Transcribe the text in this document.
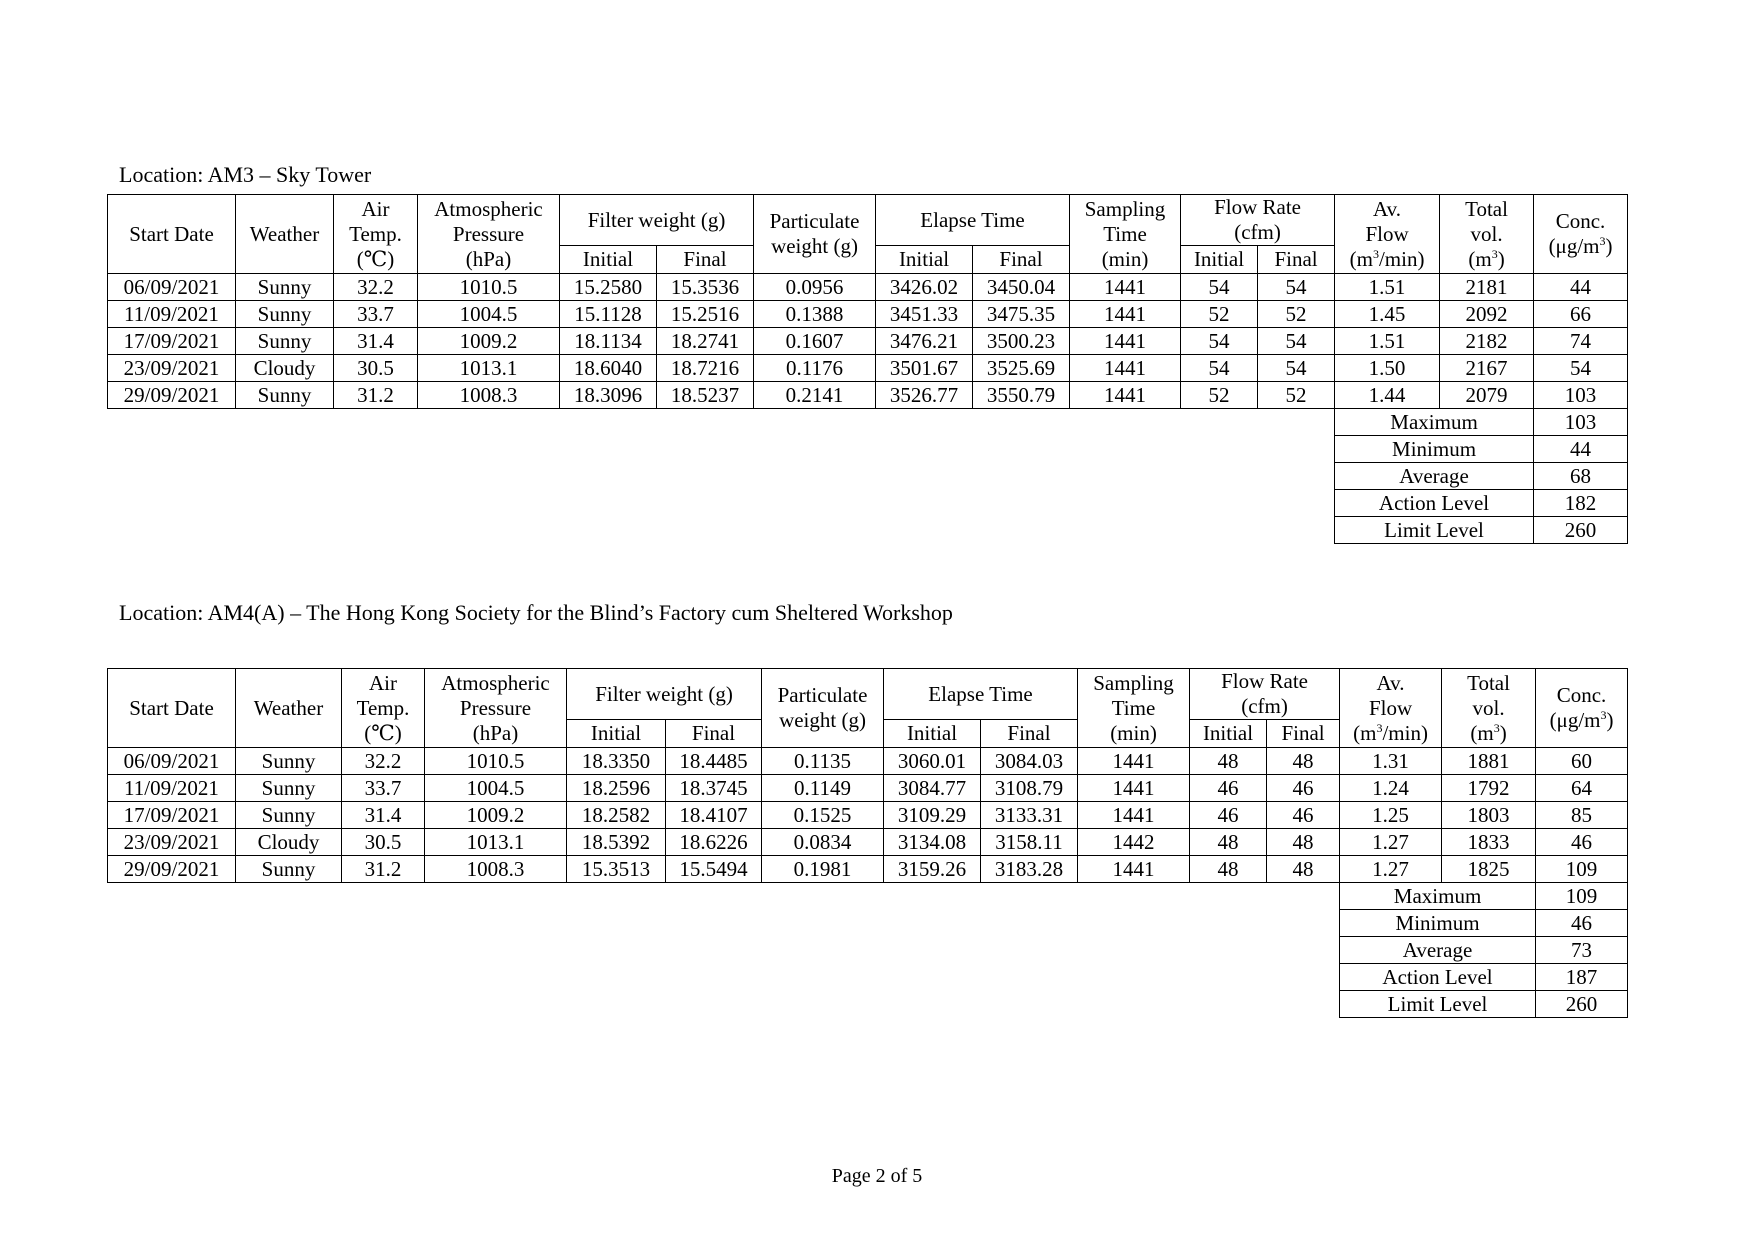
Location: AM3 – Sky Tower
Start Date	Weather	Air
Temp.
(℃)	Atmospheric
Pressure
(hPa)	Filter weight (g)		Particulate weight (g)	Elapse Time		Sampling
Time
(min)	Flow Rate
(cfm)		Av.
Flow
$(m^3/\min)$	Total
vol.
$(m^3)$	Conc.
$(\mu g/m^3)$
				Initial	Final		Initial	Final		Initial	Final			
06/09/2021	Sunny	32.2	1010.5	15.2580	15.3536	0.0956	3426.02	3450.04	1441	54	54	1.51	2181	44
11/09/2021	Sunny	33.7	1004.5	15.1128	15.2516	0.1388	3451.33	3475.35	1441	52	52	1.45	2092	66
17/09/2021	Sunny	31.4	1009.2	18.1134	18.2741	0.1607	3476.21	3500.23	1441	54	54	1.51	2182	74
23/09/2021	Cloudy	30.5	1013.1	18.6040	18.7216	0.1176	3501.67	3525.69	1441	54	54	1.50	2167	54
29/09/2021	Sunny	31.2	1008.3	18.3096	18.5237	0.2141	3526.77	3550.79	1441	52	52	1.44	2079	103
												Maximum		103
												Minimum		44
												Average		68
												Action Level		182
												Limit Level		260
Location: AM4(A) – The Hong Kong Society for the Blind’s Factory cum Sheltered Workshop
Start Date	Weather	Air
Temp.
(℃)	Atmospheric
Pressure
(hPa)	Filter weight (g)		Particulate weight (g)	Elapse Time		Sampling
Time
(min)	Flow Rate
(cfm)		Av.
Flow
$(m^3/\min)$	Total
vol.
$(m^3)$	Conc.
$(\mu g/m^3)$
				Initial	Final		Initial	Final		Initial	Final			
06/09/2021	Sunny	32.2	1010.5	18.3350	18.4485	0.1135	3060.01	3084.03	1441	48	48	1.31	1881	60
11/09/2021	Sunny	33.7	1004.5	18.2596	18.3745	0.1149	3084.77	3108.79	1441	46	46	1.24	1792	64
17/09/2021	Sunny	31.4	1009.2	18.2582	18.4107	0.1525	3109.29	3133.31	1441	46	46	1.25	1803	85
23/09/2021	Cloudy	30.5	1013.1	18.5392	18.6226	0.0834	3134.08	3158.11	1442	48	48	1.27	1833	46
29/09/2021	Sunny	31.2	1008.3	15.3513	15.5494	0.1981	3159.26	3183.28	1441	48	48	1.27	1825	109
												Maximum		109
												Minimum		46
												Average		73
												Action Level		187
												Limit Level		260
Page 2 of 5
